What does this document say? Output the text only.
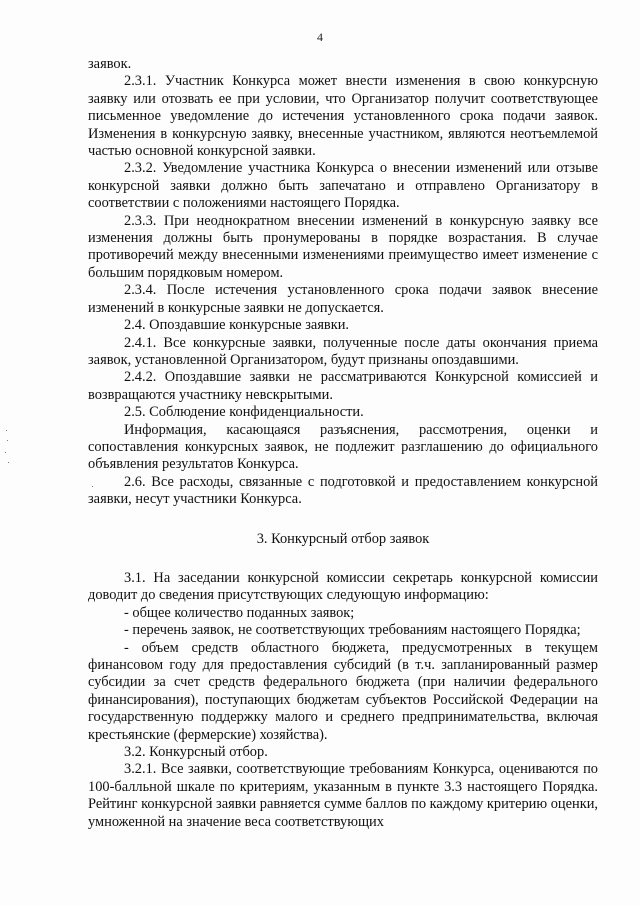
4

заявок.

2.3.1. Участник Конкурса может внести изменения в свою конкурсную заявку или отозвать ее при условии, что Организатор получит соответствующее письменное уведомление до истечения установленного срока подачи заявок. Изменения в конкурсную заявку, внесенные участником, являются неотъемлемой частью основной конкурсной заявки.

2.3.2. Уведомление участника Конкурса о внесении изменений или отзыве конкурсной заявки должно быть запечатано и отправлено Организатору в соответствии с положениями настоящего Порядка.

2.3.3. При неоднократном внесении изменений в конкурсную заявку все изменения должны быть пронумерованы в порядке возрастания. В случае противоречий между внесенными изменениями преимущество имеет изменение с большим порядковым номером.

2.3.4. После истечения установленного срока подачи заявок внесение изменений в конкурсные заявки не допускается.

2.4. Опоздавшие конкурсные заявки.

2.4.1. Все конкурсные заявки, полученные после даты окончания приема заявок, установленной Организатором, будут признаны опоздавшими.

2.4.2. Опоздавшие заявки не рассматриваются Конкурсной комиссией и возвращаются участнику невскрытыми.

2.5. Соблюдение конфиденциальности.

Информация, касающаяся разъяснения, рассмотрения, оценки и сопоставления конкурсных заявок, не подлежит разглашению до официального объявления результатов Конкурса.

2.6. Все расходы, связанные с подготовкой и предоставлением конкурсной заявки, несут участники Конкурса.

3. Конкурсный отбор заявок

3.1. На заседании конкурсной комиссии секретарь конкурсной комиссии доводит до сведения присутствующих следующую информацию:

- общее количество поданных заявок;

- перечень заявок, не соответствующих требованиям настоящего Порядка;

- объем средств областного бюджета, предусмотренных в текущем финансовом году для предоставления субсидий (в т.ч. запланированный размер субсидии за счет средств федерального бюджета (при наличии федерального финансирования), поступающих бюджетам субъектов Российской Федерации на государственную поддержку малого и среднего предпринимательства, включая крестьянские (фермерские) хозяйства).

3.2. Конкурсный отбор.

3.2.1. Все заявки, соответствующие требованиям Конкурса, оцениваются по 100-балльной шкале по критериям, указанным в пункте 3.3 настоящего Порядка. Рейтинг конкурсной заявки равняется сумме баллов по каждому критерию оценки, умноженной на значение веса соответствующих
